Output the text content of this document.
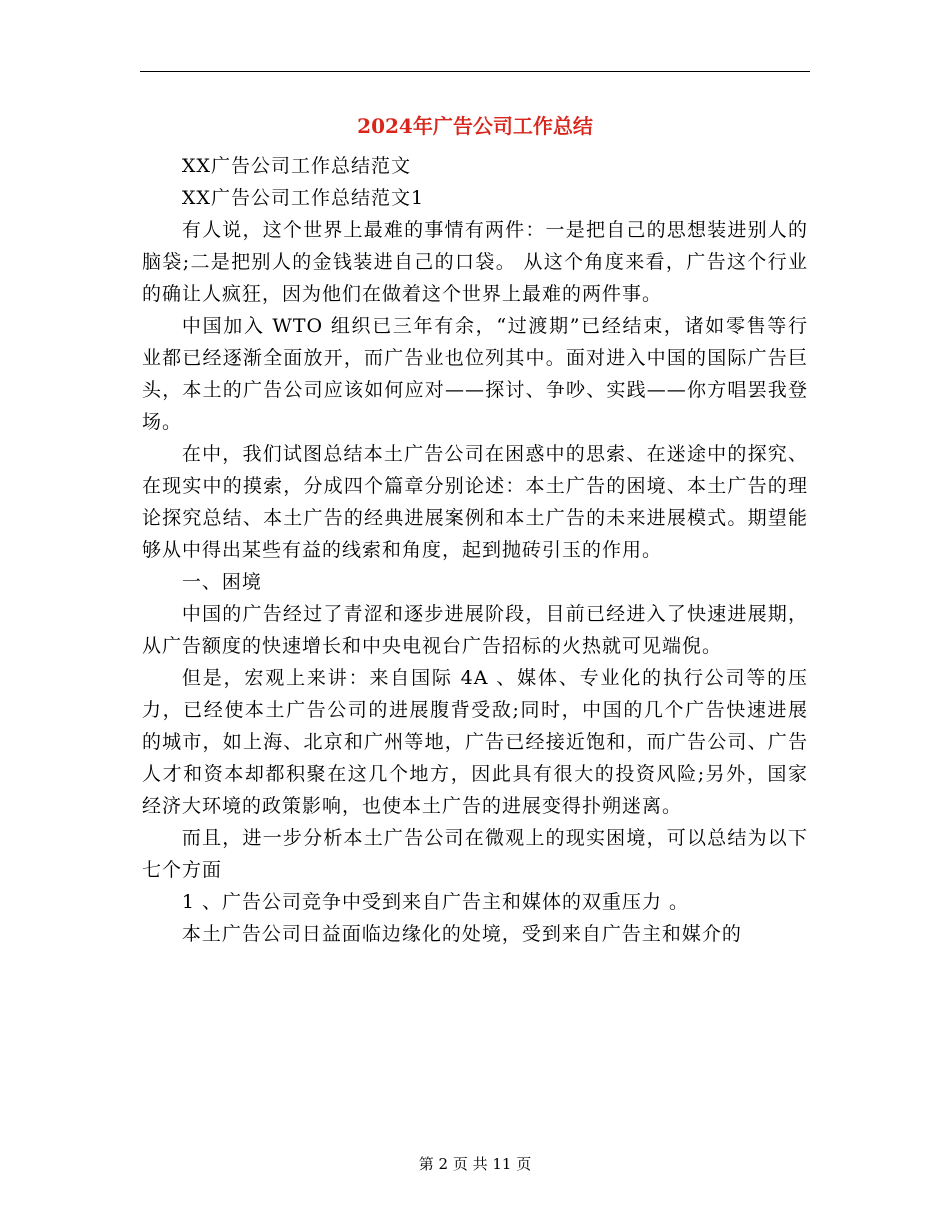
2024年广告公司工作总结

XX广告公司工作总结范文

XX广告公司工作总结范文1

有人说，这个世界上最难的事情有两件：一是把自己的思想装进别人的脑袋;二是把别人的金钱装进自己的口袋。 从这个角度来看，广告这个行业的确让人疯狂，因为他们在做着这个世界上最难的两件事。

中国加入 WTO 组织已三年有余，“过渡期”已经结束，诸如零售等行业都已经逐渐全面放开，而广告业也位列其中。面对进入中国的国际广告巨头，本土的广告公司应该如何应对——探讨、争吵、实践——你方唱罢我登场。

在中，我们试图总结本土广告公司在困惑中的思索、在迷途中的探究、在现实中的摸索，分成四个篇章分别论述：本土广告的困境、本土广告的理论探究总结、本土广告的经典进展案例和本土广告的未来进展模式。期望能够从中得出某些有益的线索和角度，起到抛砖引玉的作用。

一、困境

中国的广告经过了青涩和逐步进展阶段，目前已经进入了快速进展期，从广告额度的快速增长和中央电视台广告招标的火热就可见端倪。

但是，宏观上来讲：来自国际 4A 、媒体、专业化的执行公司等的压力，已经使本土广告公司的进展腹背受敌;同时，中国的几个广告快速进展的城市，如上海、北京和广州等地，广告已经接近饱和，而广告公司、广告人才和资本却都积聚在这几个地方，因此具有很大的投资风险;另外，国家经济大环境的政策影响，也使本土广告的进展变得扑朔迷离。

而且，进一步分析本土广告公司在微观上的现实困境，可以总结为以下七个方面

1 、广告公司竞争中受到来自广告主和媒体的双重压力 。

本土广告公司日益面临边缘化的处境，受到来自广告主和媒介的

第 2 页 共 11 页
